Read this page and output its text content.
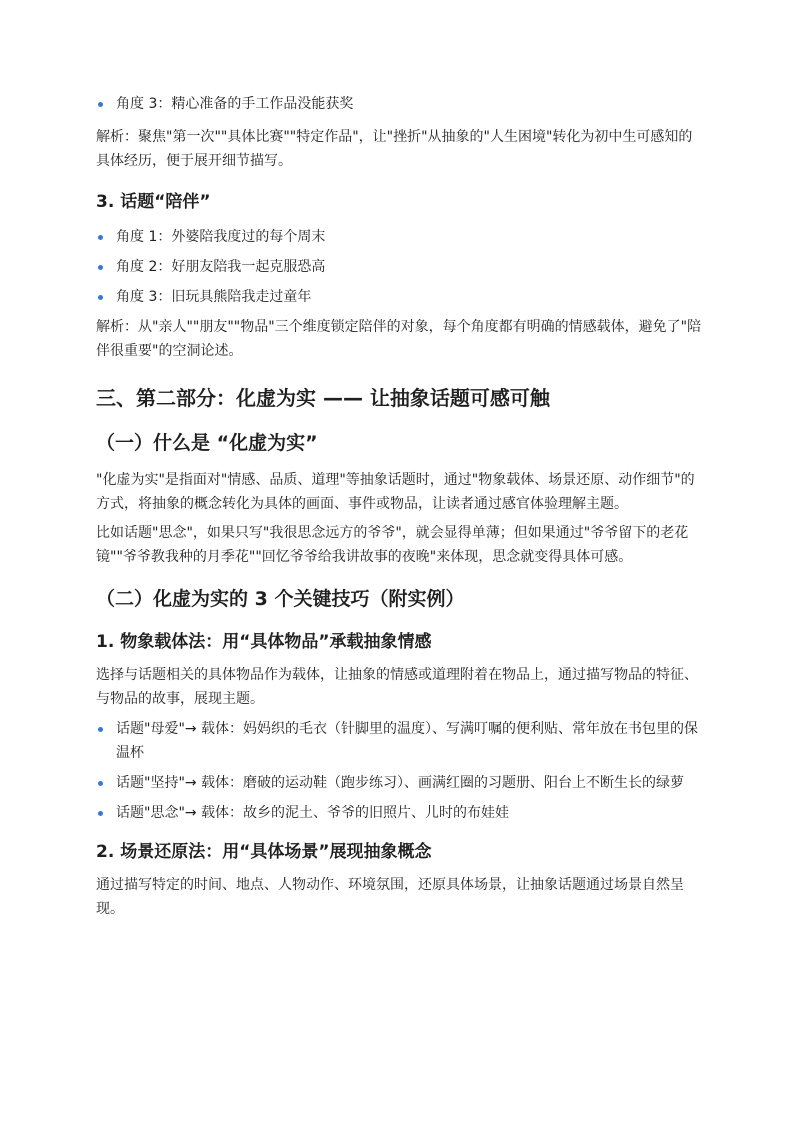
角度 3：精心准备的手工作品没能获奖

解析：聚焦"第一次""具体比赛""特定作品"，让"挫折"从抽象的"人生困境"转化为初中生可感知的具体经历，便于展开细节描写。

3. 话题“陪伴”
角度 1：外婆陪我度过的每个周末
角度 2：好朋友陪我一起克服恐高
角度 3：旧玩具熊陪我走过童年

解析：从"亲人""朋友""物品"三个维度锁定陪伴的对象，每个角度都有明确的情感载体，避免了"陪伴很重要"的空洞论述。

三、第二部分：化虚为实 —— 让抽象话题可感可触
（一）什么是 “化虚为实”

"化虚为实"是指面对"情感、品质、道理"等抽象话题时，通过"物象载体、场景还原、动作细节"的方式，将抽象的概念转化为具体的画面、事件或物品，让读者通过感官体验理解主题。

比如话题"思念"，如果只写"我很思念远方的爷爷"，就会显得单薄；但如果通过"爷爷留下的老花镜""爷爷教我种的月季花""回忆爷爷给我讲故事的夜晚"来体现，思念就变得具体可感。

（二）化虚为实的 3 个关键技巧（附实例）
1. 物象载体法：用“具体物品”承载抽象情感

选择与话题相关的具体物品作为载体，让抽象的情感或道理附着在物品上，通过描写物品的特征、与物品的故事，展现主题。

话题"母爱"→ 载体：妈妈织的毛衣（针脚里的温度）、写满叮嘱的便利贴、常年放在书包里的保温杯
话题"坚持"→ 载体：磨破的运动鞋（跑步练习）、画满红圈的习题册、阳台上不断生长的绿萝
话题"思念"→ 载体：故乡的泥土、爷爷的旧照片、儿时的布娃娃
2. 场景还原法：用“具体场景”展现抽象概念

通过描写特定的时间、地点、人物动作、环境氛围，还原具体场景，让抽象话题通过场景自然呈现。
